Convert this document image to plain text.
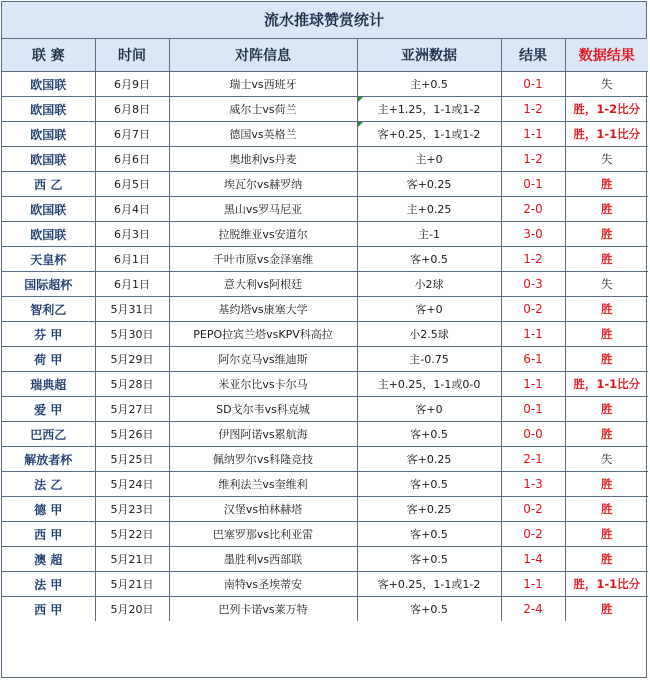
流水推球赞赏统计
联 赛	时间	对阵信息	亚洲数据	结果	数据结果
欧国联	6月9日	瑞士vs西班牙	主+0.5	0-1	失
欧国联	6月8日	威尔士vs荷兰	主+1.25，1-1或1-2	1-2	胜，1-2比分
欧国联	6月7日	德国vs英格兰	客+0.25，1-1或1-2	1-1	胜，1-1比分
欧国联	6月6日	奥地利vs丹麦	主+0	1-2	失
西 乙	6月5日	埃瓦尔vs赫罗纳	客+0.25	0-1	胜
欧国联	6月4日	黑山vs罗马尼亚	主+0.25	2-0	胜
欧国联	6月3日	拉脱维亚vs安道尔	主-1	3-0	胜
天皇杯	6月1日	千叶市原vs金泽塞维	客+0.5	1-2	胜
国际超杯	6月1日	意大利vs阿根廷	小2球	0-3	失
智利乙	5月31日	基约塔vs康塞大学	客+0	0-2	胜
芬 甲	5月30日	PEPO拉宾兰塔vsKPV科高拉	小2.5球	1-1	胜
荷 甲	5月29日	阿尔克马vs维迪斯	主-0.75	6-1	胜
瑞典超	5月28日	米亚尔比vs卡尔马	主+0.25，1-1或0-0	1-1	胜，1-1比分
爱 甲	5月27日	SD戈尔韦vs科克城	客+0	0-1	胜
巴西乙	5月26日	伊图阿诺vs累航海	客+0.5	0-0	胜
解放者杯	5月25日	佩纳罗尔vs科隆竞技	客+0.25	2-1	失
法 乙	5月24日	维利法兰vs奎维利	客+0.5	1-3	胜
德 甲	5月23日	汉堡vs柏林赫塔	客+0.25	0-2	胜
西 甲	5月22日	巴塞罗那vs比利亚雷	客+0.5	0-2	胜
澳 超	5月21日	墨胜利vs西部联	客+0.5	1-4	胜
法 甲	5月21日	南特vs圣埃蒂安	客+0.25，1-1或1-2	1-1	胜，1-1比分
西 甲	5月20日	巴列卡诺vs莱万特	客+0.5	2-4	胜
